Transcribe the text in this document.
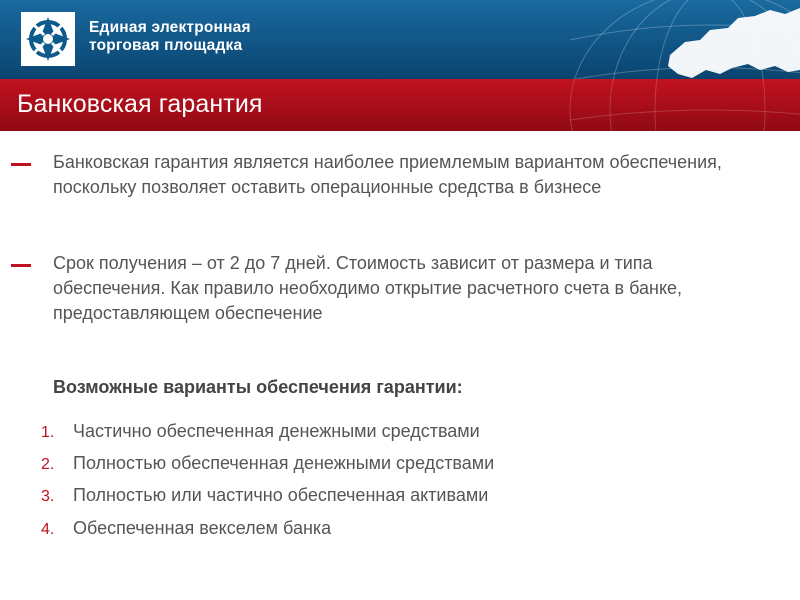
Единая электронная
торговая площадка
Банковская гарантия
Банковская гарантия является наиболее приемлемым вариантом обеспечения, поскольку позволяет оставить операционные средства в бизнесе
Срок получения – от 2 до 7 дней. Стоимость зависит от размера и типа обеспечения. Как правило необходимо открытие расчетного счета в банке, предоставляющем обеспечение
Возможные варианты обеспечения гарантии:
1. Частично обеспеченная денежными средствами
2. Полностью обеспеченная денежными средствами
3. Полностью или частично обеспеченная активами
4. Обеспеченная векселем банка
